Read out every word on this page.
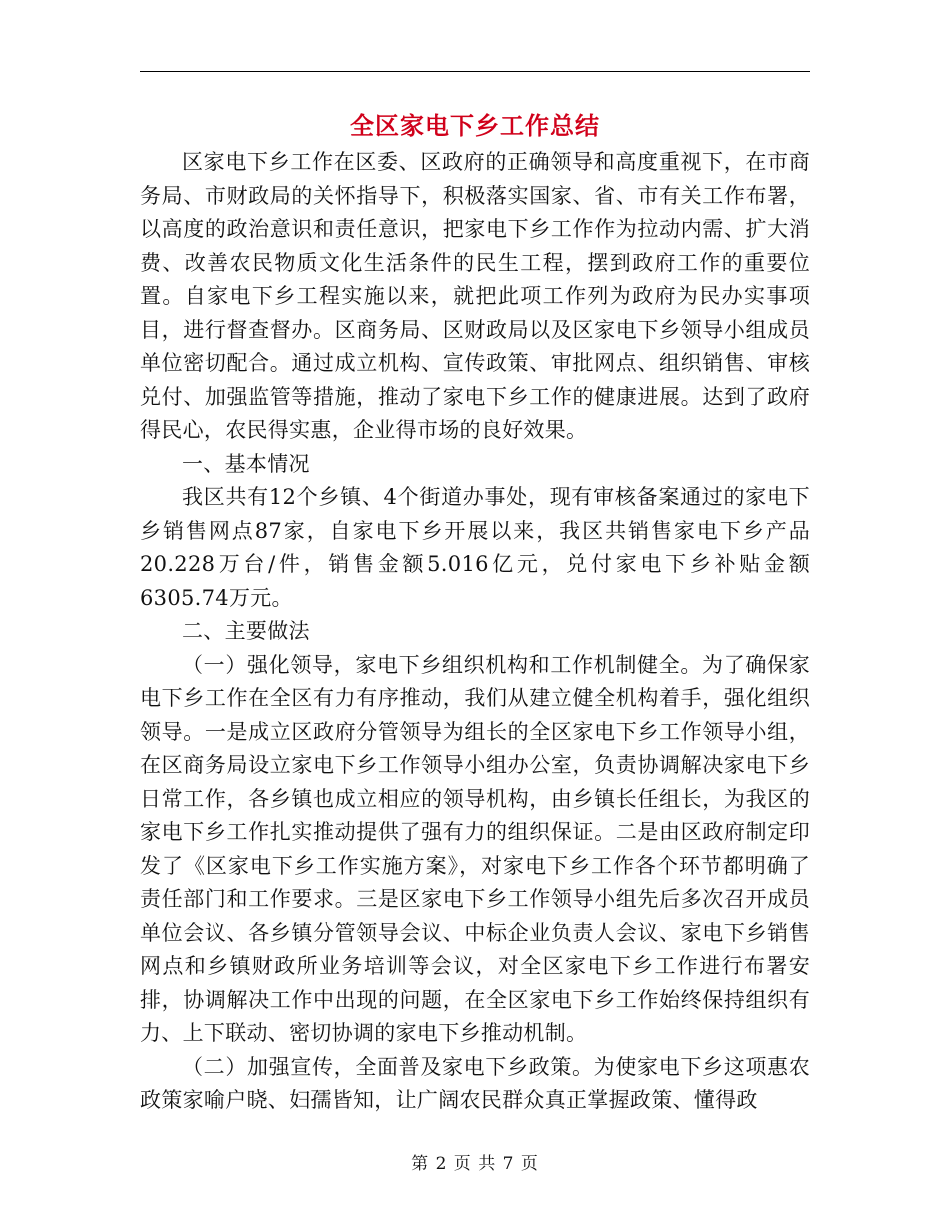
全区家电下乡工作总结

区家电下乡工作在区委、区政府的正确领导和高度重视下，在市商务局、市财政局的关怀指导下，积极落实国家、省、市有关工作布署，以高度的政治意识和责任意识，把家电下乡工作作为拉动内需、扩大消费、改善农民物质文化生活条件的民生工程，摆到政府工作的重要位置。自家电下乡工程实施以来，就把此项工作列为政府为民办实事项目，进行督查督办。区商务局、区财政局以及区家电下乡领导小组成员单位密切配合。通过成立机构、宣传政策、审批网点、组织销售、审核兑付、加强监管等措施，推动了家电下乡工作的健康进展。达到了政府得民心，农民得实惠，企业得市场的良好效果。

一、基本情况

我区共有12个乡镇、4个街道办事处，现有审核备案通过的家电下乡销售网点87家，自家电下乡开展以来，我区共销售家电下乡产品20.228万台/件，销售金额5.016亿元，兑付家电下乡补贴金额6305.74万元。

二、主要做法

（一）强化领导，家电下乡组织机构和工作机制健全。为了确保家电下乡工作在全区有力有序推动，我们从建立健全机构着手，强化组织领导。一是成立区政府分管领导为组长的全区家电下乡工作领导小组，在区商务局设立家电下乡工作领导小组办公室，负责协调解决家电下乡日常工作，各乡镇也成立相应的领导机构，由乡镇长任组长，为我区的家电下乡工作扎实推动提供了强有力的组织保证。二是由区政府制定印发了《区家电下乡工作实施方案》，对家电下乡工作各个环节都明确了责任部门和工作要求。三是区家电下乡工作领导小组先后多次召开成员单位会议、各乡镇分管领导会议、中标企业负责人会议、家电下乡销售网点和乡镇财政所业务培训等会议，对全区家电下乡工作进行布署安排，协调解决工作中出现的问题，在全区家电下乡工作始终保持组织有力、上下联动、密切协调的家电下乡推动机制。

（二）加强宣传，全面普及家电下乡政策。为使家电下乡这项惠农政策家喻户晓、妇孺皆知，让广阔农民群众真正掌握政策、懂得政

第 2 页 共 7 页
